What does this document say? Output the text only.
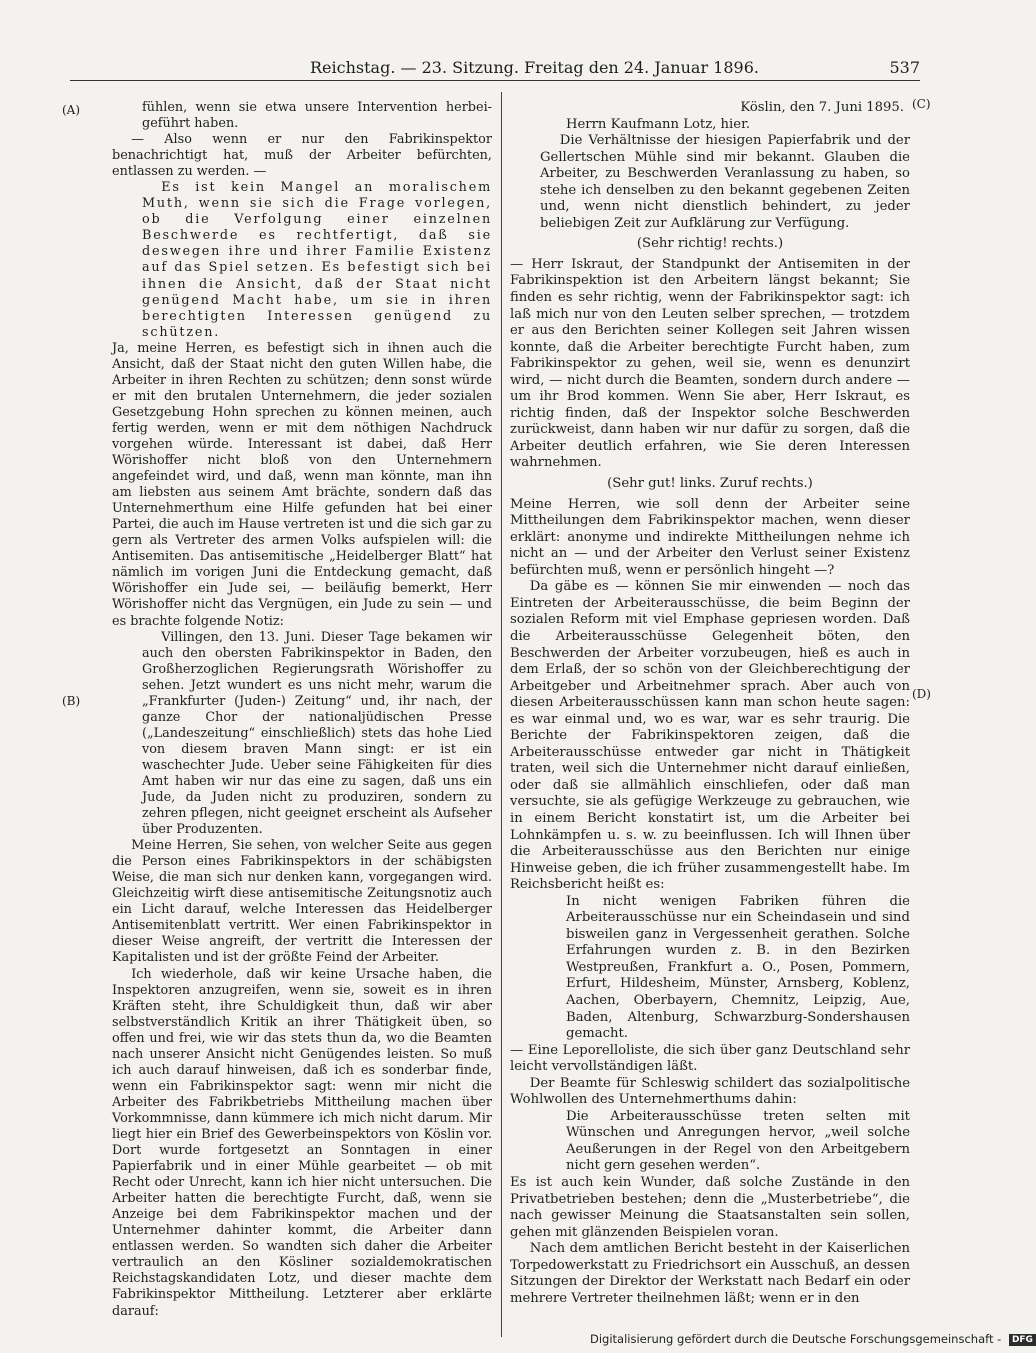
Reichstag. — 23. Sitzung. Freitag den 24. Januar 1896.	537
(A)
(B)
(C)
(D)

fühlen, wenn sie etwa unsere Intervention herbei-geführt haben.

— Also wenn er nur den Fabrikinspektor benachrichtigt hat, muß der Arbeiter befürchten, entlassen zu werden. —

Es ist kein Mangel an moralischem Muth, wenn sie sich die Frage vorlegen, ob die Verfolgung einer einzelnen Beschwerde es rechtfertigt, daß sie deswegen ihre und ihrer Familie Existenz auf das Spiel setzen. Es befestigt sich bei ihnen die Ansicht, daß der Staat nicht genügend Macht habe, um sie in ihren berechtigten Interessen genügend zu schützen.

Ja, meine Herren, es befestigt sich in ihnen auch die Ansicht, daß der Staat nicht den guten Willen habe, die Arbeiter in ihren Rechten zu schützen; denn sonst würde er mit den brutalen Unternehmern, die jeder sozialen Gesetzgebung Hohn sprechen zu können meinen, auch fertig werden, wenn er mit dem nöthigen Nachdruck vorgehen würde. Interessant ist dabei, daß Herr Wörishoffer nicht bloß von den Unternehmern angefeindet wird, und daß, wenn man könnte, man ihn am liebsten aus seinem Amt brächte, sondern daß das Unternehmerthum eine Hilfe gefunden hat bei einer Partei, die auch im Hause vertreten ist und die sich gar zu gern als Vertreter des armen Volks aufspielen will: die Antisemiten. Das antisemitische „Heidelberger Blatt“ hat nämlich im vorigen Juni die Entdeckung gemacht, daß Wörishoffer ein Jude sei, — beiläufig bemerkt, Herr Wörishoffer nicht das Vergnügen, ein Jude zu sein — und es brachte folgende Notiz:

Villingen, den 13. Juni. Dieser Tage bekamen wir auch den obersten Fabrikinspektor in Baden, den Großherzoglichen Regierungsrath Wörishoffer zu sehen. Jetzt wundert es uns nicht mehr, warum die „Frankfurter (Juden-) Zeitung“ und, ihr nach, der ganze Chor der nationaljüdischen Presse („Landeszeitung“ einschließlich) stets das hohe Lied von diesem braven Mann singt: er ist ein waschechter Jude. Ueber seine Fähigkeiten für dies Amt haben wir nur das eine zu sagen, daß uns ein Jude, da Juden nicht zu produziren, sondern zu zehren pflegen, nicht geeignet erscheint als Aufseher über Produzenten.

Meine Herren, Sie sehen, von welcher Seite aus gegen die Person eines Fabrikinspektors in der schäbigsten Weise, die man sich nur denken kann, vorgegangen wird. Gleichzeitig wirft diese antisemitische Zeitungsnotiz auch ein Licht darauf, welche Interessen das Heidelberger Antisemitenblatt vertritt. Wer einen Fabrikinspektor in dieser Weise angreift, der vertritt die Interessen der Kapitalisten und ist der größte Feind der Arbeiter.

Ich wiederhole, daß wir keine Ursache haben, die Inspektoren anzugreifen, wenn sie, soweit es in ihren Kräften steht, ihre Schuldigkeit thun, daß wir aber selbstverständlich Kritik an ihrer Thätigkeit üben, so offen und frei, wie wir das stets thun da, wo die Beamten nach unserer Ansicht nicht Genügendes leisten. So muß ich auch darauf hinweisen, daß ich es sonderbar finde, wenn ein Fabrikinspektor sagt: wenn mir nicht die Arbeiter des Fabrikbetriebs Mittheilung machen über Vorkommnisse, dann kümmere ich mich nicht darum. Mir liegt hier ein Brief des Gewerbeinspektors von Köslin vor. Dort wurde fortgesetzt an Sonntagen in einer Papierfabrik und in einer Mühle gearbeitet — ob mit Recht oder Unrecht, kann ich hier nicht untersuchen. Die Arbeiter hatten die berechtigte Furcht, daß, wenn sie Anzeige bei dem Fabrikinspektor machen und der Unternehmer dahinter kommt, die Arbeiter dann entlassen werden. So wandten sich daher die Arbeiter vertraulich an den Kösliner sozialdemokratischen Reichstagskandidaten Lotz, und dieser machte dem Fabrikinspektor Mittheilung. Letzterer aber erklärte darauf:

Köslin, den 7. Juni 1895.

Herrn Kaufmann Lotz, hier.

Die Verhältnisse der hiesigen Papierfabrik und der Gellertschen Mühle sind mir bekannt. Glauben die Arbeiter, zu Beschwerden Veranlassung zu haben, so stehe ich denselben zu den bekannt gegebenen Zeiten und, wenn nicht dienstlich behindert, zu jeder beliebigen Zeit zur Aufklärung zur Verfügung.

(Sehr richtig! rechts.)

— Herr Iskraut, der Standpunkt der Antisemiten in der Fabrikinspektion ist den Arbeitern längst bekannt; Sie finden es sehr richtig, wenn der Fabrikinspektor sagt: ich laß mich nur von den Leuten selber sprechen, — trotzdem er aus den Berichten seiner Kollegen seit Jahren wissen konnte, daß die Arbeiter berechtigte Furcht haben, zum Fabrikinspektor zu gehen, weil sie, wenn es denunzirt wird, — nicht durch die Beamten, sondern durch andere — um ihr Brod kommen. Wenn Sie aber, Herr Iskraut, es richtig finden, daß der Inspektor solche Beschwerden zurückweist, dann haben wir nur dafür zu sorgen, daß die Arbeiter deutlich erfahren, wie Sie deren Interessen wahrnehmen.

(Sehr gut! links. Zuruf rechts.)

Meine Herren, wie soll denn der Arbeiter seine Mittheilungen dem Fabrikinspektor machen, wenn dieser erklärt: anonyme und indirekte Mittheilungen nehme ich nicht an — und der Arbeiter den Verlust seiner Existenz befürchten muß, wenn er persönlich hingeht —?

Da gäbe es — können Sie mir einwenden — noch das Eintreten der Arbeiterausschüsse, die beim Beginn der sozialen Reform mit viel Emphase gepriesen worden. Daß die Arbeiterausschüsse Gelegenheit böten, den Beschwerden der Arbeiter vorzubeugen, hieß es auch in dem Erlaß, der so schön von der Gleichberechtigung der Arbeitgeber und Arbeitnehmer sprach. Aber auch von diesen Arbeiterausschüssen kann man schon heute sagen: es war einmal und, wo es war, war es sehr traurig. Die Berichte der Fabrikinspektoren zeigen, daß die Arbeiterausschüsse entweder gar nicht in Thätigkeit traten, weil sich die Unternehmer nicht darauf einließen, oder daß sie allmählich einschliefen, oder daß man versuchte, sie als gefügige Werkzeuge zu gebrauchen, wie in einem Bericht konstatirt ist, um die Arbeiter bei Lohnkämpfen u. s. w. zu beeinflussen. Ich will Ihnen über die Arbeiterausschüsse aus den Berichten nur einige Hinweise geben, die ich früher zusammengestellt habe. Im Reichsbericht heißt es:

In nicht wenigen Fabriken führen die Arbeiterausschüsse nur ein Scheindasein und sind bisweilen ganz in Vergessenheit gerathen. Solche Erfahrungen wurden z. B. in den Bezirken Westpreußen, Frankfurt a. O., Posen, Pommern, Erfurt, Hildesheim, Münster, Arnsberg, Koblenz, Aachen, Oberbayern, Chemnitz, Leipzig, Aue, Baden, Altenburg, Schwarzburg-Sondershausen gemacht.

— Eine Leporelloliste, die sich über ganz Deutschland sehr leicht vervollständigen läßt.

Der Beamte für Schleswig schildert das sozialpolitische Wohlwollen des Unternehmerthums dahin:

Die Arbeiterausschüsse treten selten mit Wünschen und Anregungen hervor, „weil solche Aeußerungen in der Regel von den Arbeitgebern nicht gern gesehen werden“.

Es ist auch kein Wunder, daß solche Zustände in den Privatbetrieben bestehen; denn die „Musterbetriebe“, die nach gewisser Meinung die Staatsanstalten sein sollen, gehen mit glänzenden Beispielen voran.

Nach dem amtlichen Bericht besteht in der Kaiserlichen Torpedowerkstatt zu Friedrichsort ein Ausschuß, an dessen Sitzungen der Direktor der Werkstatt nach Bedarf ein oder mehrere Vertreter theilnehmen läßt; wenn er in den

Digitalisierung gefördert durch die Deutsche Forschungsgemeinschaft - DFG
